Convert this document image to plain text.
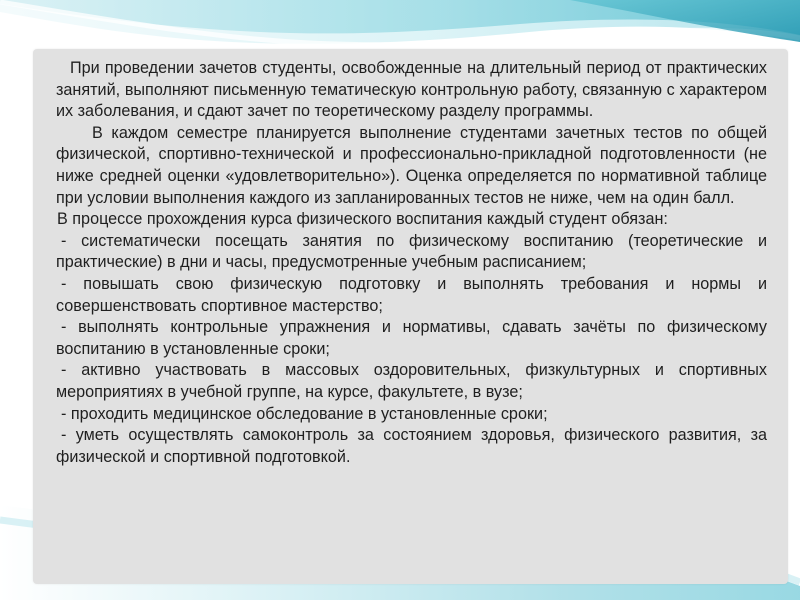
При проведении зачетов студенты, освобожденные на длительный период от практических занятий, выполняют письменную тематическую контрольную работу, связанную с характером их заболевания, и сдают зачет по теоретическому разделу программы.

В каждом семестре планируется выполнение студентами зачетных тестов по общей физической, спортивно-технической и профессионально-прикладной подготовленности (не ниже средней оценки «удовлетворительно»). Оценка определяется по нормативной таблице при условии выполнения каждого из запланированных тестов не ниже, чем на один балл.

В процессе прохождения курса физического воспитания каждый студент обязан:

- систематически посещать занятия по физическому воспитанию (теоретические и практические) в дни и часы, предусмотренные учебным расписанием;

- повышать свою физическую подготовку и выполнять требования и нормы и совершенствовать спортивное мастерство;

- выполнять контрольные упражнения и нормативы, сдавать зачёты по физическому воспитанию в установленные сроки;

- активно участвовать в массовых оздоровительных, физкультурных и спортивных мероприятиях в учебной группе, на курсе, факультете, в вузе;

- проходить медицинское обследование в установленные сроки;

- уметь осуществлять самоконтроль за состоянием здоровья, физического развития, за физической и спортивной подготовкой.
